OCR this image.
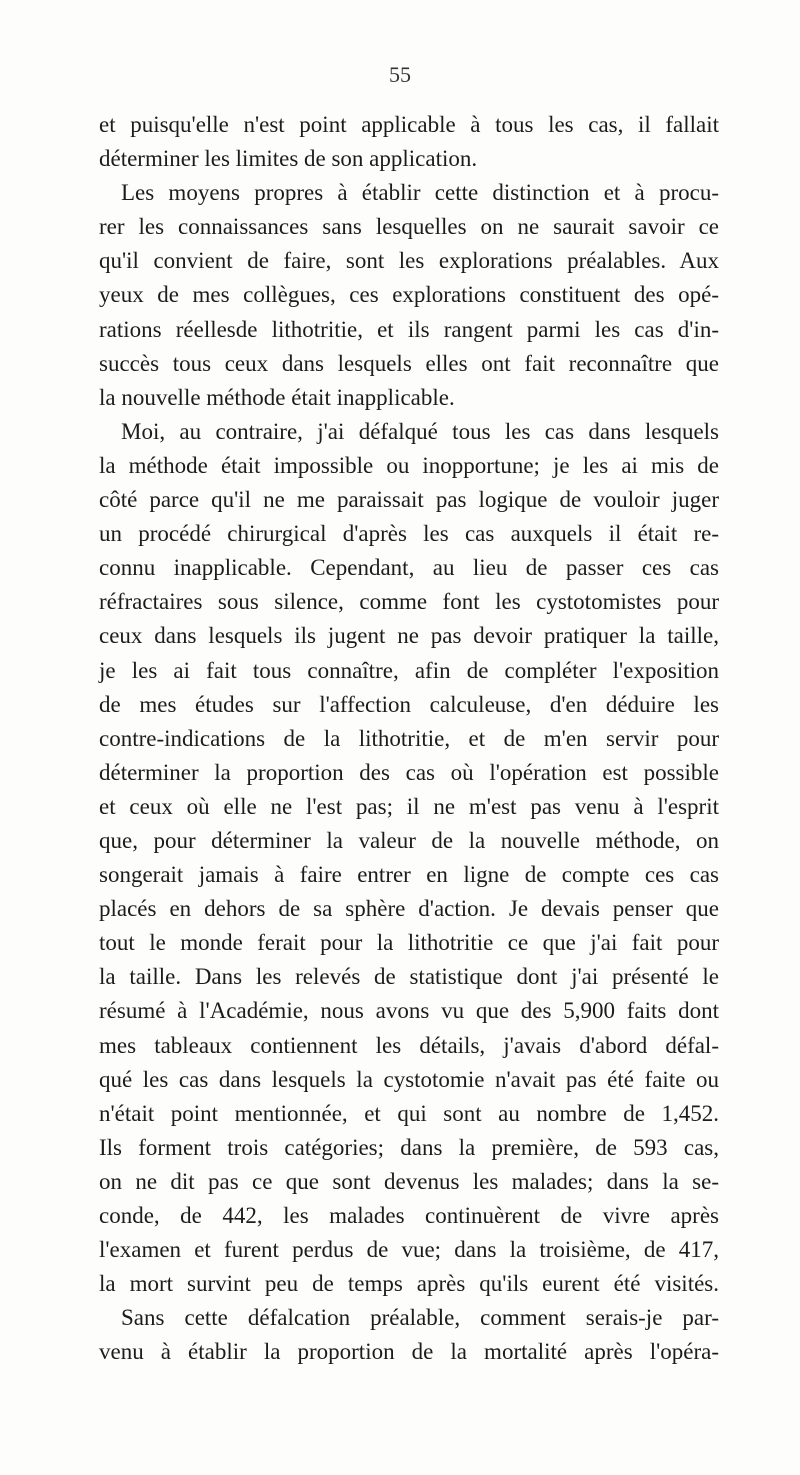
55
et puisqu'elle n'est point applicable à tous les cas, il fallait
déterminer les limites de son application.
Les moyens propres à établir cette distinction et à procu-
rer les connaissances sans lesquelles on ne saurait savoir ce
qu'il convient de faire, sont les explorations préalables. Aux
yeux de mes collègues, ces explorations constituent des opé-
rations réellesde lithotritie, et ils rangent parmi les cas d'in-
succès tous ceux dans lesquels elles ont fait reconnaître que
la nouvelle méthode était inapplicable.
Moi, au contraire, j'ai défalqué tous les cas dans lesquels
la méthode était impossible ou inopportune; je les ai mis de
côté parce qu'il ne me paraissait pas logique de vouloir juger
un procédé chirurgical d'après les cas auxquels il était re-
connu inapplicable. Cependant, au lieu de passer ces cas
réfractaires sous silence, comme font les cystotomistes pour
ceux dans lesquels ils jugent ne pas devoir pratiquer la taille,
je les ai fait tous connaître, afin de compléter l'exposition
de mes études sur l'affection calculeuse, d'en déduire les
contre-indications de la lithotritie, et de m'en servir pour
déterminer la proportion des cas où l'opération est possible
et ceux où elle ne l'est pas; il ne m'est pas venu à l'esprit
que, pour déterminer la valeur de la nouvelle méthode, on
songerait jamais à faire entrer en ligne de compte ces cas
placés en dehors de sa sphère d'action. Je devais penser que
tout le monde ferait pour la lithotritie ce que j'ai fait pour
la taille. Dans les relevés de statistique dont j'ai présenté le
résumé à l'Académie, nous avons vu que des 5,900 faits dont
mes tableaux contiennent les détails, j'avais d'abord défal-
qué les cas dans lesquels la cystotomie n'avait pas été faite ou
n'était point mentionnée, et qui sont au nombre de 1,452.
Ils forment trois catégories; dans la première, de 593 cas,
on ne dit pas ce que sont devenus les malades; dans la se-
conde, de 442, les malades continuèrent de vivre après
l'examen et furent perdus de vue; dans la troisième, de 417,
la mort survint peu de temps après qu'ils eurent été visités.
Sans cette défalcation préalable, comment serais-je par-
venu à établir la proportion de la mortalité après l'opéra-
